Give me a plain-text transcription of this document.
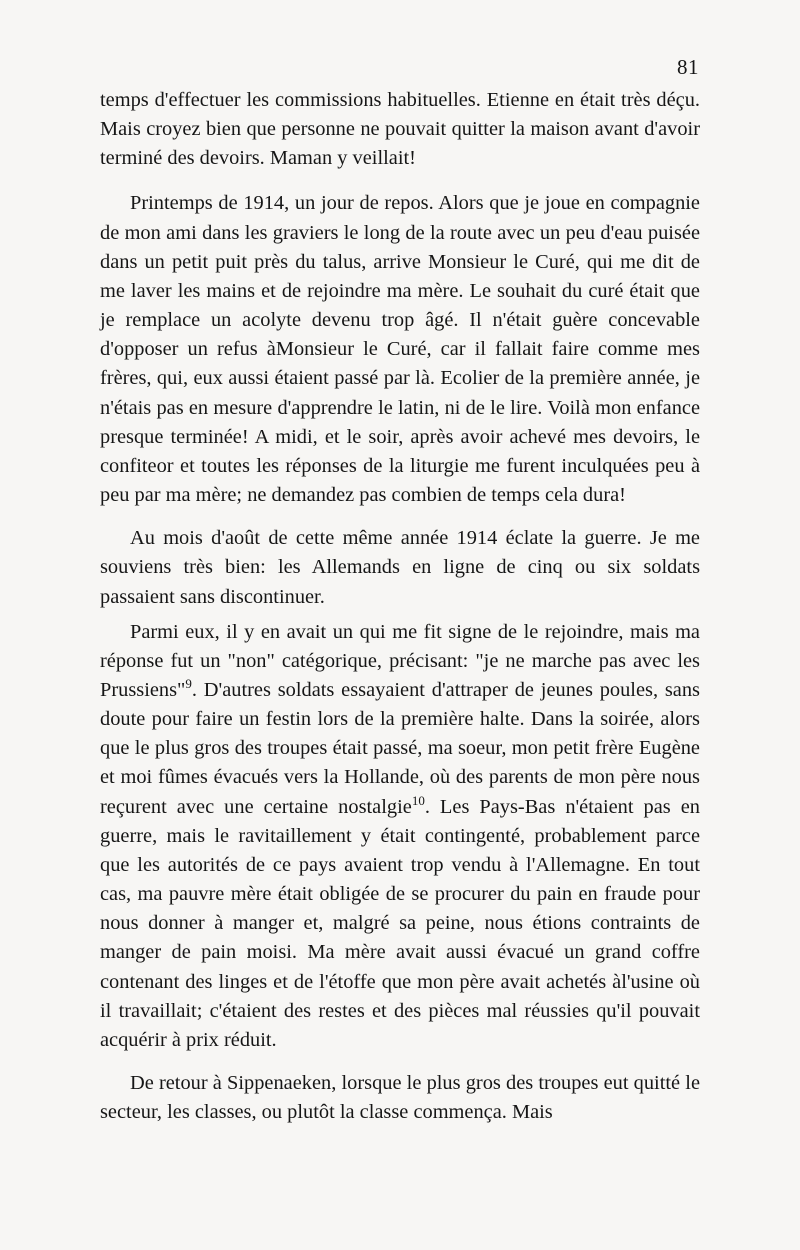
81

temps d'effectuer les commissions habituelles. Etienne en était très déçu. Mais croyez bien que personne ne pouvait quitter la maison avant d'avoir terminé des devoirs. Maman y veillait!

Printemps de 1914, un jour de repos. Alors que je joue en compagnie de mon ami dans les graviers le long de la route avec un peu d'eau puisée dans un petit puit près du talus, arrive Monsieur le Curé, qui me dit de me laver les mains et de rejoindre ma mère. Le souhait du curé était que je remplace un acolyte devenu trop âgé. Il n'était guère concevable d'opposer un refus àMonsieur le Curé, car il fallait faire comme mes frères, qui, eux aussi étaient passé par là. Ecolier de la première année, je n'étais pas en mesure d'apprendre le latin, ni de le lire. Voilà mon enfance presque terminée! A midi, et le soir, après avoir achevé mes devoirs, le confiteor et toutes les réponses de la liturgie me furent inculquées peu à peu par ma mère; ne demandez pas combien de temps cela dura!

Au mois d'août de cette même année 1914 éclate la guerre. Je me souviens très bien: les Allemands en ligne de cinq ou six soldats passaient sans discontinuer.

Parmi eux, il y en avait un qui me fit signe de le rejoindre, mais ma réponse fut un "non" catégorique, précisant: "je ne marche pas avec les Prussiens"$^9$. D'autres soldats essayaient d'attraper de jeunes poules, sans doute pour faire un festin lors de la première halte. Dans la soirée, alors que le plus gros des troupes était passé, ma soeur, mon petit frère Eugène et moi fûmes évacués vers la Hollande, où des parents de mon père nous reçurent avec une certaine nostalgie$^{10}$. Les Pays-Bas n'étaient pas en guerre, mais le ravitaillement y était contingenté, probablement parce que les autorités de ce pays avaient trop vendu à l'Allemagne. En tout cas, ma pauvre mère était obligée de se procurer du pain en fraude pour nous donner à manger et, malgré sa peine, nous étions contraints de manger de pain moisi. Ma mère avait aussi évacué un grand coffre contenant des linges et de l'étoffe que mon père avait achetés àl'usine où il travaillait; c'étaient des restes et des pièces mal réussies qu'il pouvait acquérir à prix réduit.

De retour à Sippenaeken, lorsque le plus gros des troupes eut quitté le secteur, les classes, ou plutôt la classe commença. Mais
